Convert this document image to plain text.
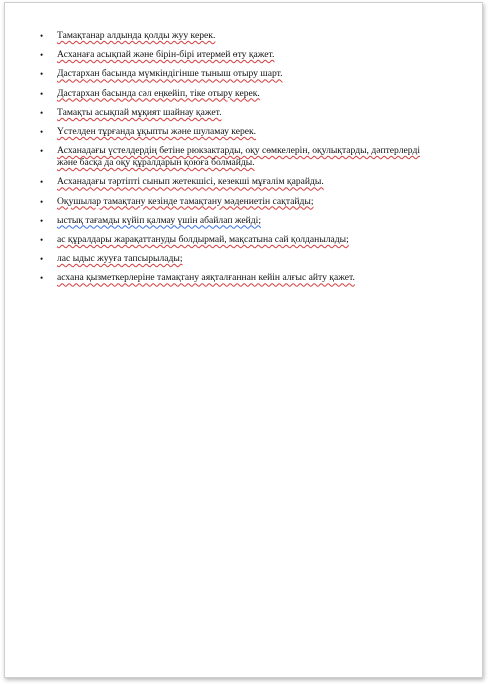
• Тамақтанар алдында қолды жуу керек.
• Асханаға асықпай және бірін-бірі итермей өту қажет.
• Дастархан басында мүмкіндігінше тыныш отыру шарт.
• Дастархан басында сәл еңкейіп, тіке отыру керек.
• Тамақты асықпай мұқият шайнау қажет.
• Үстелден тұрғанда ұқыпты және шуламау керек.
• Асханадағы үстелдердің бетіне рюкзактарды, оқу сөмкелерін, оқулықтарды, дәптерлерді және басқа да оқу құралдарын қоюға болмайды.
• Асханадағы тәртіпті сынып жетекшісі, кезекші мұғалім қарайды.
• Оқушылар тамақтану кезінде тамақтану мәдениетін сақтайды;
• ыстық тағамды күйіп қалмау үшін абайлап жейді;
• ас құралдары жарақаттануды болдырмай, мақсатына сай қолданылады;
• лас ыдыс жууға тапсырылады;
• асхана қызметкерлеріне тамақтану аяқталғаннан кейін алғыс айту қажет.
